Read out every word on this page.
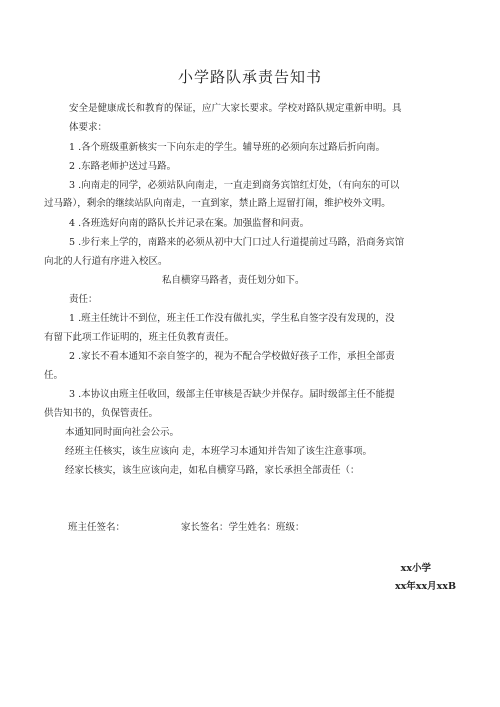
小学路队承责告知书
安全是健康成长和教育的保证，应广大家长要求。学校对路队规定重新申明。具
体要求：
1 .各个班级重新核实一下向东走的学生。辅导班的必须向东过路后折向南。
2 .东路老师护送过马路。
3 .向南走的同学，必须站队向南走，一直走到商务宾馆红灯处，（有向东的可以
过马路），剩余的继续站队向南走，一直到家，禁止路上逗留打闹，维护校外文明。
4 .各班选好向南的路队长并记录在案。加强监督和问责。
5 .步行来上学的，南路来的必须从初中大门口过人行道提前过马路，沿商务宾馆
向北的人行道有序进入校区。
私自横穿马路者，责任划分如下。
责任：
1 .班主任统计不到位，班主任工作没有做扎实，学生私自签字没有发现的，没
有留下此项工作证明的，班主任负教育责任。
2 .家长不看本通知不亲自签字的，视为不配合学校做好孩子工作，承担全部责
任。
3 .本协议由班主任收回，级部主任审核是否缺少并保存。届时级部主任不能提
供告知书的，负保管责任。
本通知同时面向社会公示。
经班主任核实，该生应该向 走，本班学习本通知并告知了该生注意事项。
经家长核实，该生应该向走，如私自横穿马路，家长承担全部责任（：
班主任签名：	家长签名：学生姓名：班级：
xx小学
xx年xx月xxB
